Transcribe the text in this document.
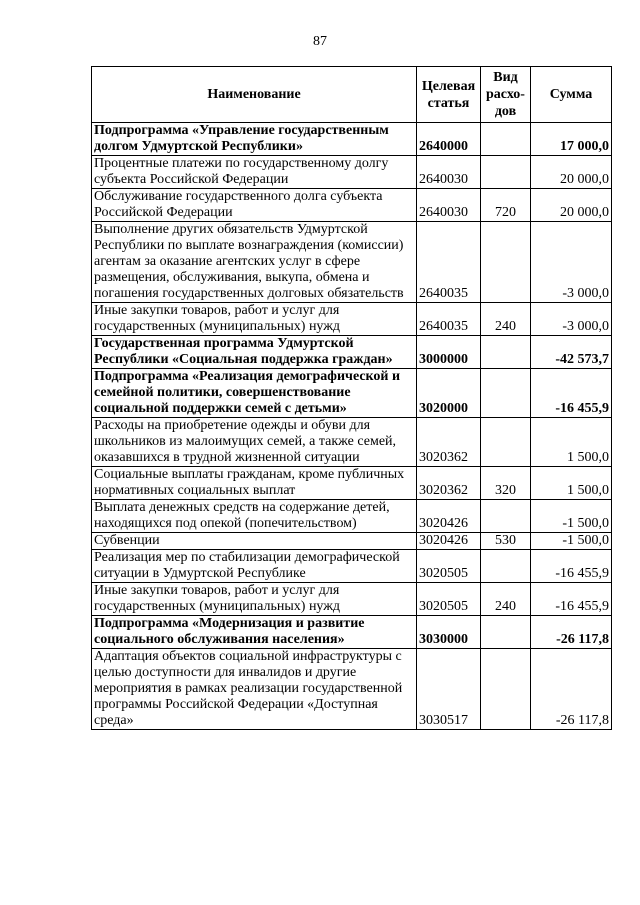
87
Наименование	Целевая статья	Вид расхо-дов	Сумма
Подпрограмма «Управление государственным долгом Удмуртской Республики»	2640000		17 000,0
Процентные платежи по государственному долгу субъекта Российской Федерации	2640030		20 000,0
Обслуживание государственного долга субъекта Российской Федерации	2640030	720	20 000,0
Выполнение других обязательств Удмуртской Республики по выплате вознаграждения (комиссии) агентам за оказание агентских услуг в сфере размещения, обслуживания, выкупа, обмена и погашения государственных долговых обязательств	2640035		-3 000,0
Иные закупки товаров, работ и услуг для государственных (муниципальных) нужд	2640035	240	-3 000,0
Государственная программа Удмуртской Республики «Социальная поддержка граждан»	3000000		-42 573,7
Подпрограмма «Реализация демографической и семейной политики, совершенствование социальной поддержки семей с детьми»	3020000		-16 455,9
Расходы на приобретение одежды и обуви для школьников из малоимущих семей, а также семей, оказавшихся в трудной жизненной ситуации	3020362		1 500,0
Социальные выплаты гражданам, кроме публичных нормативных социальных выплат	3020362	320	1 500,0
Выплата денежных средств на содержание детей, находящихся под опекой (попечительством)	3020426		-1 500,0
Субвенции	3020426	530	-1 500,0
Реализация мер по стабилизации демографической ситуации в Удмуртской Республике	3020505		-16 455,9
Иные закупки товаров, работ и услуг для государственных (муниципальных) нужд	3020505	240	-16 455,9
Подпрограмма «Модернизация и развитие социального обслуживания населения»	3030000		-26 117,8
Адаптация объектов социальной инфраструктуры с целью доступности для инвалидов и другие мероприятия в рамках реализации государственной программы Российской Федерации «Доступная среда»	3030517		-26 117,8
